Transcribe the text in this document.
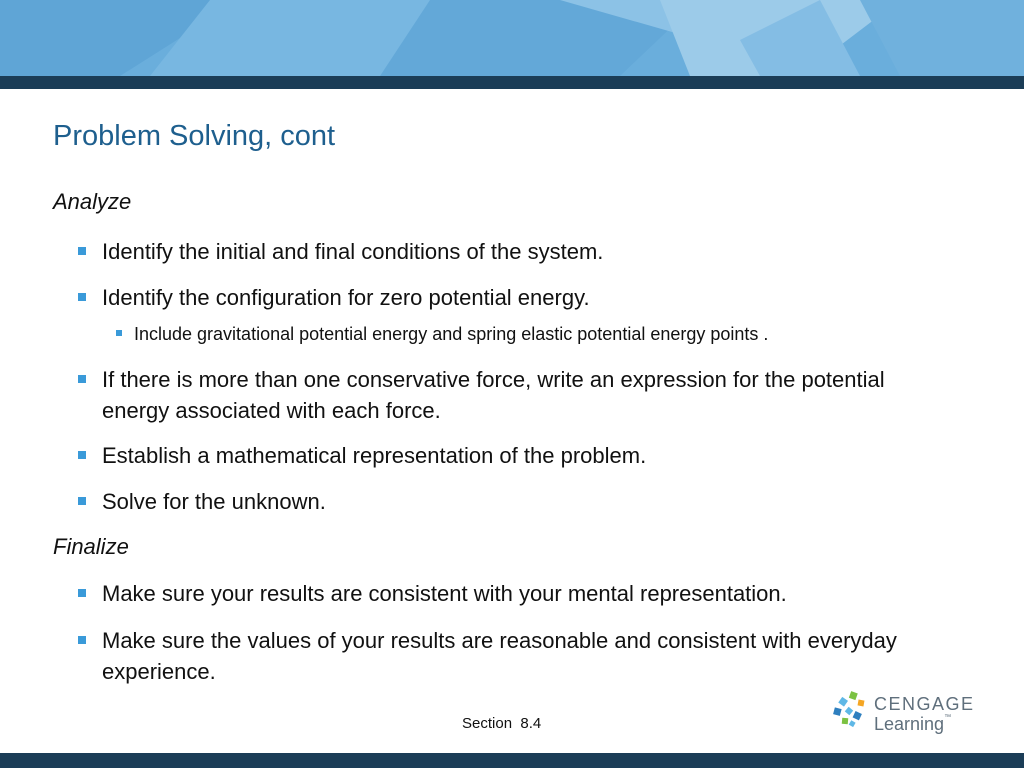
Problem Solving, cont
Analyze
Identify the initial and final conditions of the system.
Identify the configuration for zero potential energy.
Include gravitational potential energy and spring elastic potential energy points .
If there is more than one conservative force, write an expression for the potential energy associated with each force.
Establish a mathematical representation of the problem.
Solve for the unknown.
Finalize
Make sure your results are consistent with your mental representation.
Make sure the values of your results are reasonable and consistent with everyday experience.
Section  8.4
CENGAGE
Learning™
